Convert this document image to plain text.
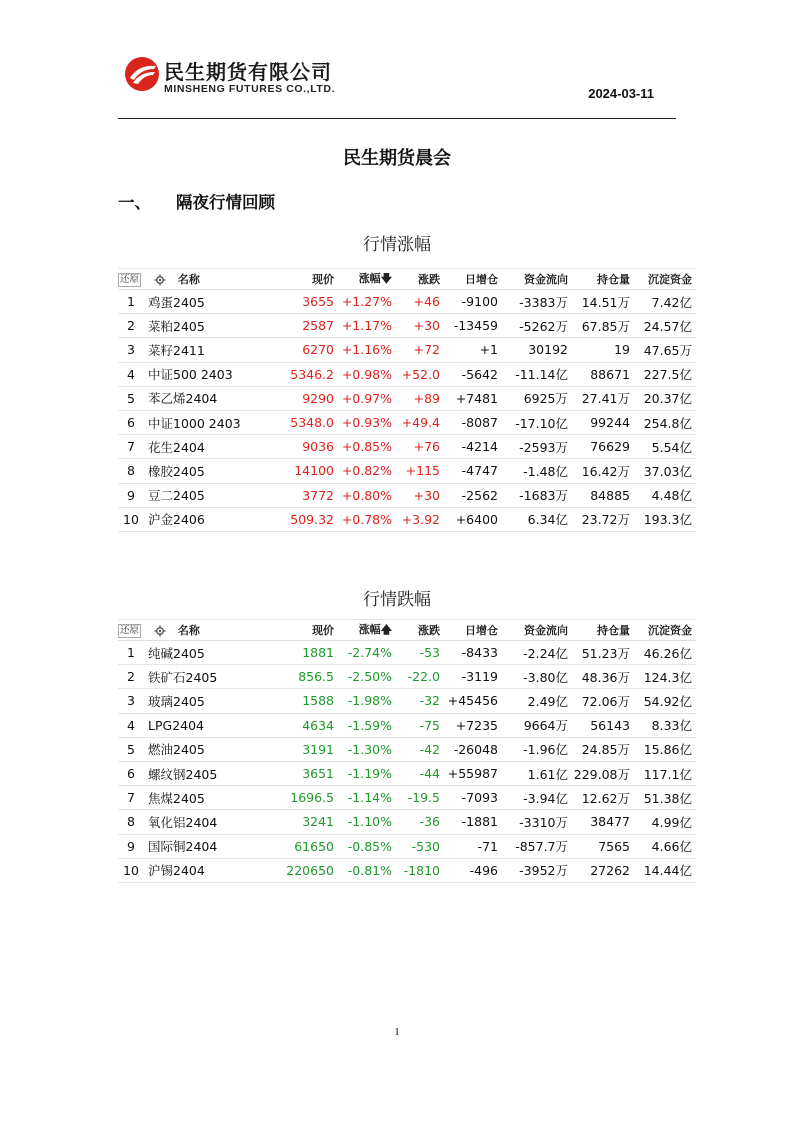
民生期货有限公司
MINSHENG FUTURES CO.,LTD.	2024-03-11
民生期货晨会
一、 隔夜行情回顾
行情涨幅
还原	名称	现价	涨幅🡇	涨跌	日增仓	资金流向	持仓量	沉淀资金
1	鸡蛋2405	3655	+1.27%	+46	-9100	-3383万	14.51万	7.42亿
2	菜粕2405	2587	+1.17%	+30	-13459	-5262万	67.85万	24.57亿
3	菜籽2411	6270	+1.16%	+72	+1	30192	19	47.65万
4	中证500 2403	5346.2	+0.98%	+52.0	-5642	-11.14亿	88671	227.5亿
5	苯乙烯2404	9290	+0.97%	+89	+7481	6925万	27.41万	20.37亿
6	中证1000 2403	5348.0	+0.93%	+49.4	-8087	-17.10亿	99244	254.8亿
7	花生2404	9036	+0.85%	+76	-4214	-2593万	76629	5.54亿
8	橡胶2405	14100	+0.82%	+115	-4747	-1.48亿	16.42万	37.03亿
9	豆二2405	3772	+0.80%	+30	-2562	-1683万	84885	4.48亿
10	沪金2406	509.32	+0.78%	+3.92	+6400	6.34亿	23.72万	193.3亿
行情跌幅
还原	名称	现价	涨幅🡅	涨跌	日增仓	资金流向	持仓量	沉淀资金
1	纯碱2405	1881	-2.74%	-53	-8433	-2.24亿	51.23万	46.26亿
2	铁矿石2405	856.5	-2.50%	-22.0	-3119	-3.80亿	48.36万	124.3亿
3	玻璃2405	1588	-1.98%	-32	+45456	2.49亿	72.06万	54.92亿
4	LPG2404	4634	-1.59%	-75	+7235	9664万	56143	8.33亿
5	燃油2405	3191	-1.30%	-42	-26048	-1.96亿	24.85万	15.86亿
6	螺纹钢2405	3651	-1.19%	-44	+55987	1.61亿	229.08万	117.1亿
7	焦煤2405	1696.5	-1.14%	-19.5	-7093	-3.94亿	12.62万	51.38亿
8	氧化铝2404	3241	-1.10%	-36	-1881	-3310万	38477	4.99亿
9	国际铜2404	61650	-0.85%	-530	-71	-857.7万	7565	4.66亿
10	沪锡2404	220650	-0.81%	-1810	-496	-3952万	27262	14.44亿
1
